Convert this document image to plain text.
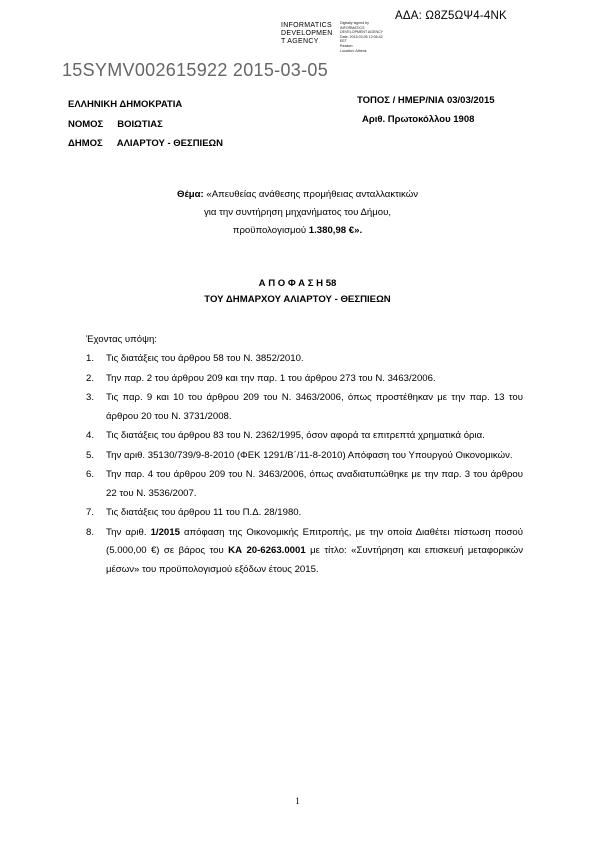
ΑΔΑ: Ω8Ζ5ΩΨ4-4ΝΚ
INFORMATICS
DEVELOPMEN
T AGENCY
Digitally signed by
INFORMATICS
DEVELOPMENT AGENCY
Date: 2015.03.05 12:06:42
EET
Reason:
Location: Athens
15SYMV002615922 2015-03-05
ΕΛΛΗΝΙΚΗ ΔΗΜΟΚΡΑΤΙΑ
ΝΟΜΟΣ ΒΟΙΩΤΙΑΣ
ΔΗΜΟΣ ΑΛΙΑΡΤΟΥ - ΘΕΣΠΙΕΩΝ
ΤΟΠΟΣ / ΗΜΕΡ/ΝΙΑ 03/03/2015
Αριθ. Πρωτοκόλλου 1908
Θέμα: «Απευθείας ανάθεσης προμήθειας ανταλλακτικών
για την συντήρηση μηχανήματος του Δήμου,
προϋπολογισμού 1.380,98 €».
Α Π Ο Φ Α Σ Η 58
ΤΟΥ ΔΗΜΑΡΧΟΥ ΑΛΙΑΡΤΟΥ - ΘΕΣΠΙΕΩΝ
Έχοντας υπόψη:
1. Τις διατάξεις του άρθρου 58 του Ν. 3852/2010.
2. Την παρ. 2 του άρθρου 209 και την παρ. 1 του άρθρου 273 του Ν. 3463/2006.
3. Τις παρ. 9 και 10 του άρθρου 209 του Ν. 3463/2006, όπως προστέθηκαν με την παρ. 13 του άρθρου 20 του Ν. 3731/2008.
4. Τις διατάξεις του άρθρου 83 του Ν. 2362/1995, όσον αφορά τα επιτρεπτά χρηματικά όρια.
5. Την αριθ. 35130/739/9-8-2010 (ΦΕΚ 1291/Β΄/11-8-2010) Απόφαση του Υπουργού Οικονομικών.
6. Την παρ. 4 του άρθρου 209 του Ν. 3463/2006, όπως αναδιατυπώθηκε με την παρ. 3 του άρθρου 22 του Ν. 3536/2007.
7. Τις διατάξεις του άρθρου 11 του Π.Δ. 28/1980.
8. Την αριθ. 1/2015 απόφαση της Οικονομικής Επιτροπής, με την οποία Διαθέτει πίστωση ποσού (5.000,00 €) σε βάρος του ΚΑ 20-6263.0001 με τίτλο: «Συντήρηση και επισκευή μεταφορικών μέσων» του προϋπολογισμού εξόδων έτους 2015.
1
